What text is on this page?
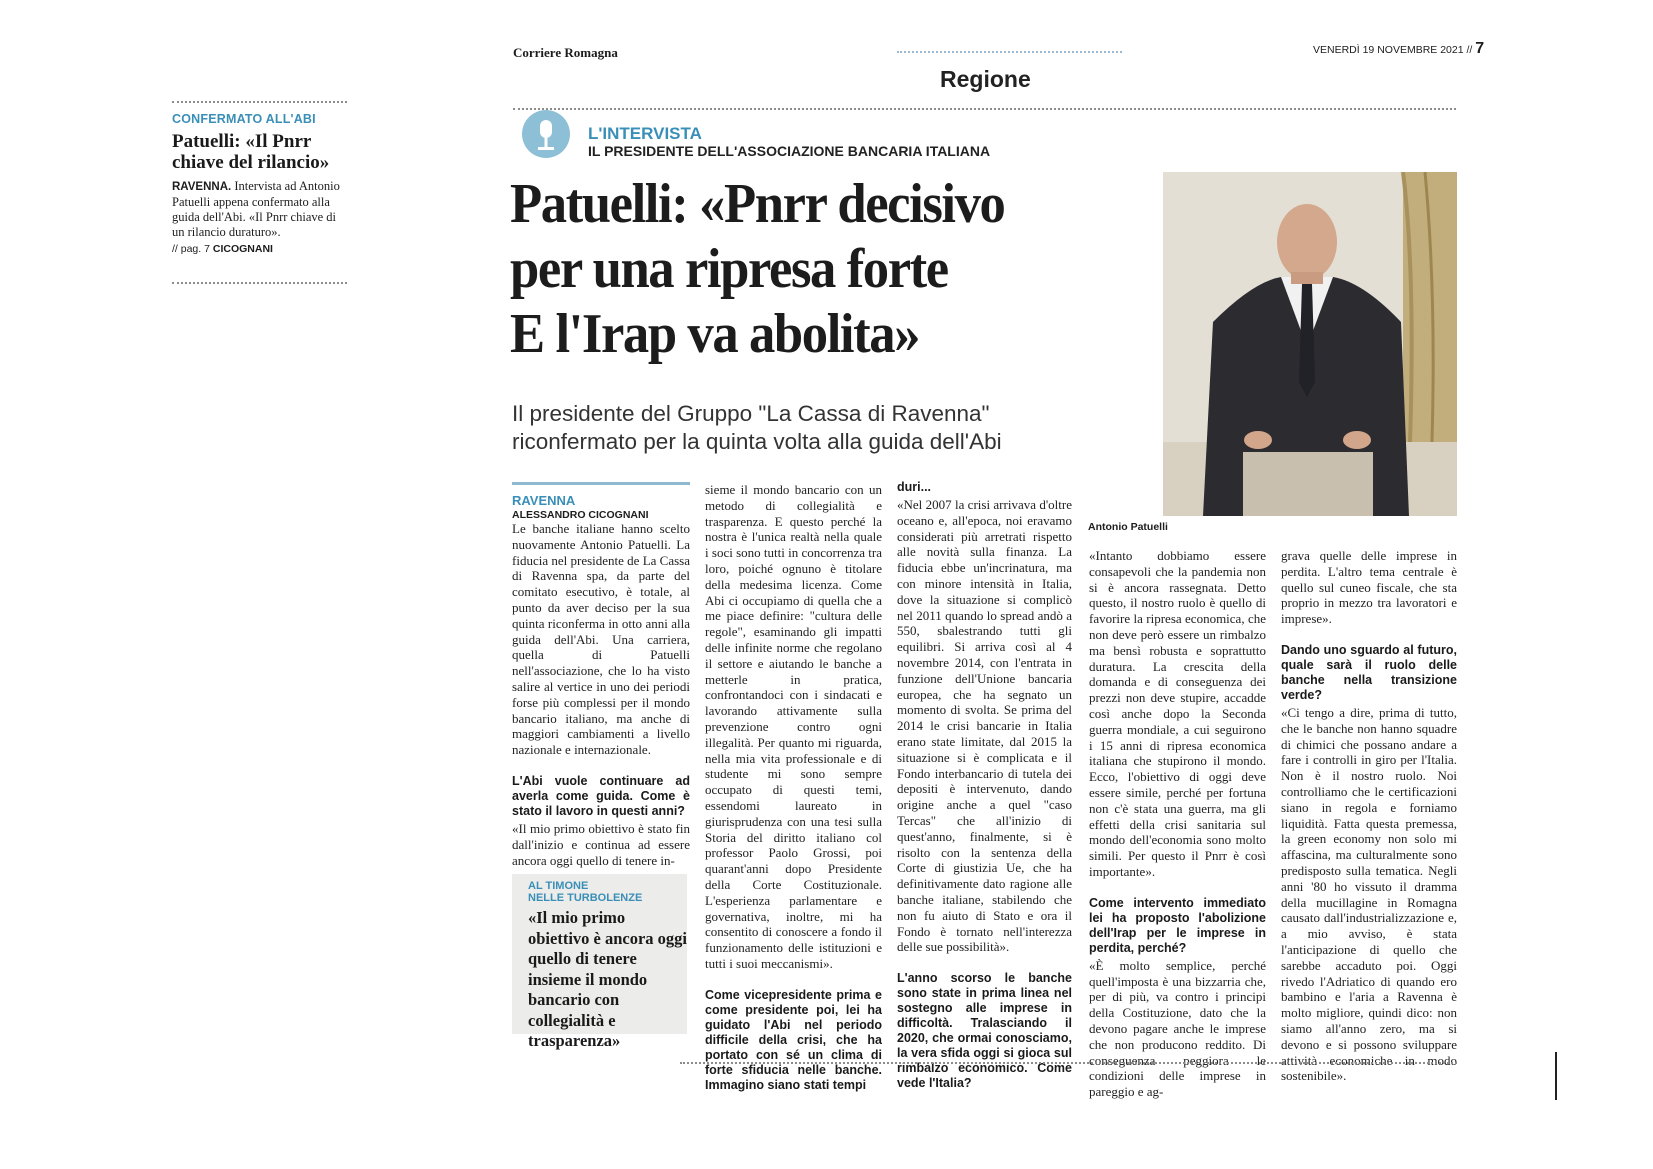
CONFERMATO ALL'ABI
Patuelli: «Il Pnrr
chiave del rilancio»
RAVENNA. Intervista ad Antonio Patuelli appena confermato alla guida dell'Abi. «Il Pnrr chiave di un rilancio duraturo».
// pag. 7 CICOGNANI
Corriere Romagna	VENERDÌ 19 NOVEMBRE 2021 // 7
Regione
L'INTERVISTA
IL PRESIDENTE DELL'ASSOCIAZIONE BANCARIA ITALIANA
Patuelli: «Pnrr decisivo
per una ripresa forte
E l'Irap va abolita»
Il presidente del Gruppo "La Cassa di Ravenna"
riconfermato per la quinta volta alla guida dell'Abi
Antonio Patuelli
RAVENNA
ALESSANDRO CICOGNANI

Le banche italiane hanno scelto nuovamente Antonio Patuelli. La fiducia nel presidente de La Cassa di Ravenna spa, da parte del comitato esecutivo, è totale, al punto da aver deciso per la sua quinta riconferma in otto anni alla guida dell'Abi. Una carriera, quella di Patuelli nell'associazione, che lo ha visto salire al vertice in uno dei periodi forse più complessi per il mondo bancario italiano, ma anche di maggiori cambiamenti a livello nazionale e internazionale.

L'Abi vuole continuare ad averla come guida. Come è stato il lavoro in questi anni?

«Il mio primo obiettivo è stato fin dall'inizio e continua ad essere ancora oggi quello di tenere in-

AL TIMONE
NELLE TURBOLENZE
«Il mio primo obiettivo è ancora oggi quello di tenere insieme il mondo bancario con collegialità e trasparenza»

sieme il mondo bancario con un metodo di collegialità e trasparenza. E questo perché la nostra è l'unica realtà nella quale i soci sono tutti in concorrenza tra loro, poiché ognuno è titolare della medesima licenza. Come Abi ci occupiamo di quella che a me piace definire: "cultura delle regole", esaminando gli impatti delle infinite norme che regolano il settore e aiutando le banche a metterle in pratica, confrontandoci con i sindacati e lavorando attivamente sulla prevenzione contro ogni illegalità. Per quanto mi riguarda, nella mia vita professionale e di studente mi sono sempre occupato di questi temi, essendomi laureato in giurisprudenza con una tesi sulla Storia del diritto italiano col professor Paolo Grossi, poi quarant'anni dopo Presidente della Corte Costituzionale. L'esperienza parlamentare e governativa, inoltre, mi ha consentito di conoscere a fondo il funzionamento delle istituzioni e tutti i suoi meccanismi».

Come vicepresidente prima e come presidente poi, lei ha guidato l'Abi nel periodo difficile della crisi, che ha portato con sé un clima di forte sfiducia nelle banche. Immagino siano stati tempi
duri...

«Nel 2007 la crisi arrivava d'oltre oceano e, all'epoca, noi eravamo considerati più arretrati rispetto alle novità sulla finanza. La fiducia ebbe un'incrinatura, ma con minore intensità in Italia, dove la situazione si complicò nel 2011 quando lo spread andò a 550, sbalestrando tutti gli equilibri. Si arriva così al 4 novembre 2014, con l'entrata in funzione dell'Unione bancaria europea, che ha segnato un momento di svolta. Se prima del 2014 le crisi bancarie in Italia erano state limitate, dal 2015 la situazione si è complicata e il Fondo interbancario di tutela dei depositi è intervenuto, dando origine anche a quel "caso Tercas" che all'inizio di quest'anno, finalmente, si è risolto con la sentenza della Corte di giustizia Ue, che ha definitivamente dato ragione alle banche italiane, stabilendo che non fu aiuto di Stato e ora il Fondo è tornato nell'interezza delle sue possibilità».

L'anno scorso le banche sono state in prima linea nel sostegno alle imprese in difficoltà. Tralasciando il 2020, che ormai conosciamo, la vera sfida oggi si gioca sul rimbalzo economico. Come vede l'Italia?

«Intanto dobbiamo essere consapevoli che la pandemia non si è ancora rassegnata. Detto questo, il nostro ruolo è quello di favorire la ripresa economica, che non deve però essere un rimbalzo ma bensì robusta e soprattutto duratura. La crescita della domanda e di conseguenza dei prezzi non deve stupire, accadde così anche dopo la Seconda guerra mondiale, a cui seguirono i 15 anni di ripresa economica italiana che stupirono il mondo. Ecco, l'obiettivo di oggi deve essere simile, perché per fortuna non c'è stata una guerra, ma gli effetti della crisi sanitaria sul mondo dell'economia sono molto simili. Per questo il Pnrr è così importante».

Come intervento immediato lei ha proposto l'abolizione dell'Irap per le imprese in perdita, perché?

«È molto semplice, perché quell'imposta è una bizzarria che, per di più, va contro i principi della Costituzione, dato che la devono pagare anche le imprese che non producono reddito. Di conseguenza peggiora le condizioni delle imprese in pareggio e ag-

grava quelle delle imprese in perdita. L'altro tema centrale è quello sul cuneo fiscale, che sta proprio in mezzo tra lavoratori e imprese».

Dando uno sguardo al futuro, quale sarà il ruolo delle banche nella transizione verde?

«Ci tengo a dire, prima di tutto, che le banche non hanno squadre di chimici che possano andare a fare i controlli in giro per l'Italia. Non è il nostro ruolo. Noi controlliamo che le certificazioni siano in regola e forniamo liquidità. Fatta questa premessa, la green economy non solo mi affascina, ma culturalmente sono predisposto sulla tematica. Negli anni '80 ho vissuto il dramma della mucillagine in Romagna causato dall'industrializzazione e, a mio avviso, è stata l'anticipazione di quello che sarebbe accaduto poi. Oggi rivedo l'Adriatico di quando ero bambino e l'aria a Ravenna è molto migliore, quindi dico: non siamo all'anno zero, ma si devono e si possono sviluppare attività economiche in modo sostenibile».
